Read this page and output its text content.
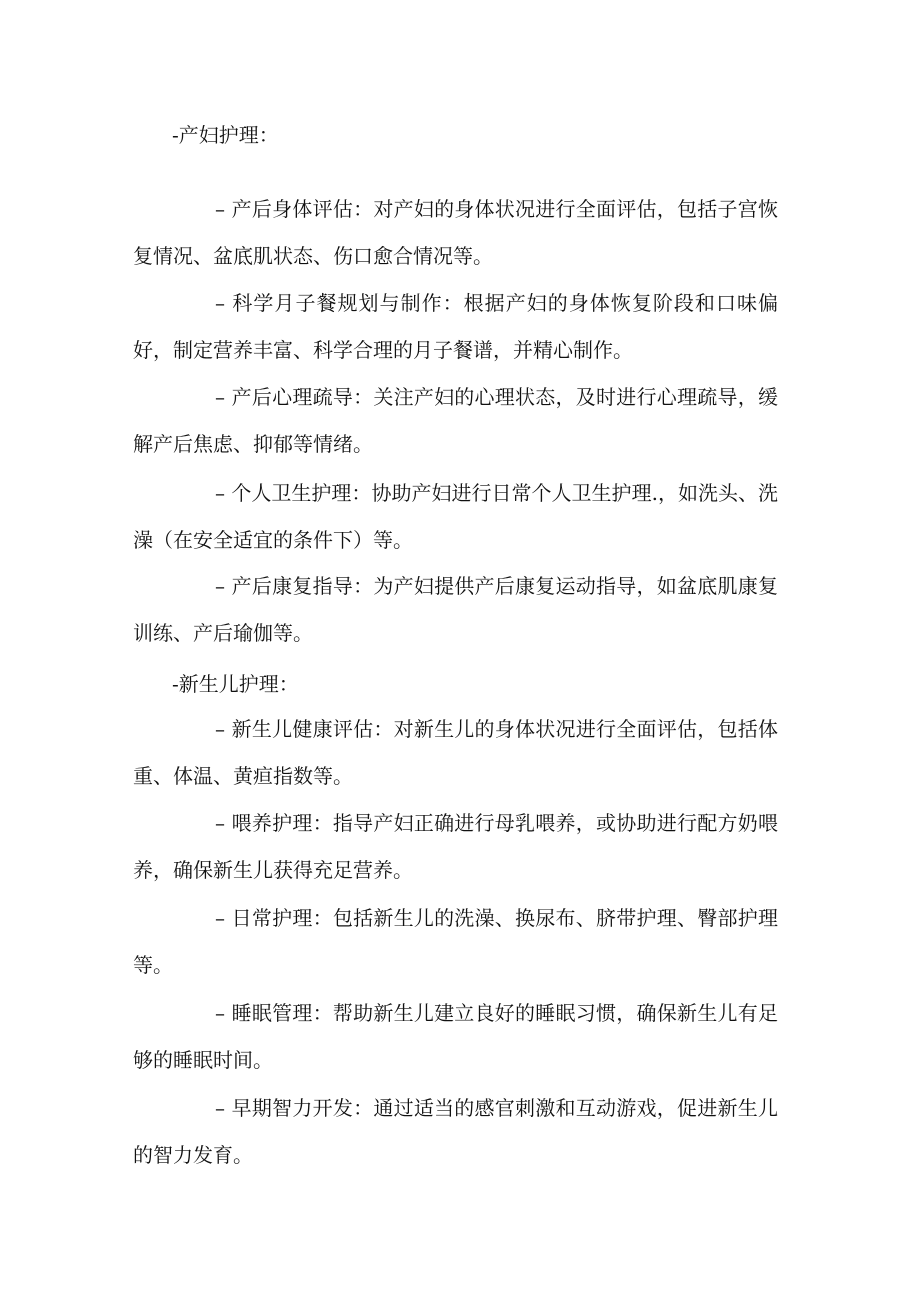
-产妇护理：

– 产后身体评估：对产妇的身体状况进行全面评估，包括子宫恢复情况、盆底肌状态、伤口愈合情况等。

– 科学月子餐规划与制作：根据产妇的身体恢复阶段和口味偏好，制定营养丰富、科学合理的月子餐谱，并精心制作。

– 产后心理疏导：关注产妇的心理状态，及时进行心理疏导，缓解产后焦虑、抑郁等情绪。

– 个人卫生护理：协助产妇进行日常个人卫生护理.，如洗头、洗澡（在安全适宜的条件下）等。

– 产后康复指导：为产妇提供产后康复运动指导，如盆底肌康复训练、产后瑜伽等。

-新生儿护理：

– 新生儿健康评估：对新生儿的身体状况进行全面评估，包括体重、体温、黄疸指数等。

– 喂养护理：指导产妇正确进行母乳喂养，或协助进行配方奶喂养，确保新生儿获得充足营养。

– 日常护理：包括新生儿的洗澡、换尿布、脐带护理、臀部护理等。

– 睡眠管理：帮助新生儿建立良好的睡眠习惯，确保新生儿有足够的睡眠时间。

– 早期智力开发：通过适当的感官刺激和互动游戏，促进新生儿的智力发育。
